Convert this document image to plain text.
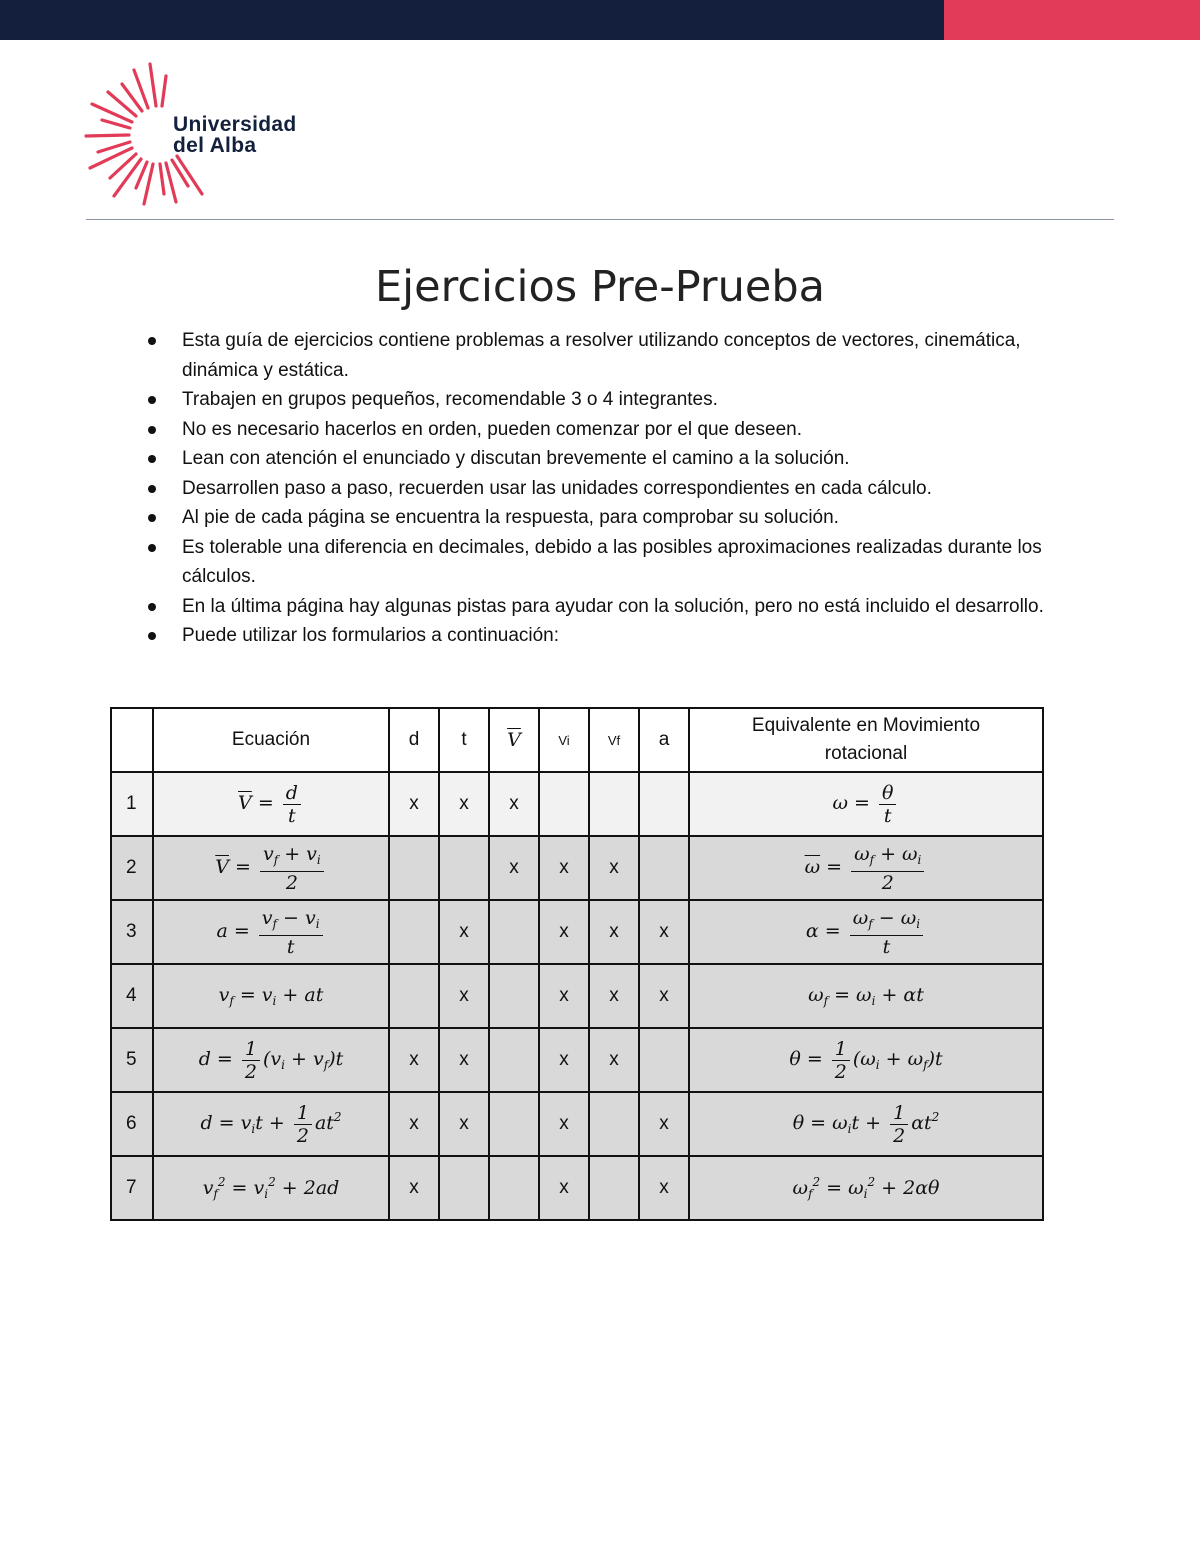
Universidad
del Alba
Ejercicios Pre-Prueba
Esta guía de ejercicios contiene problemas a resolver utilizando conceptos de vectores, cinemática, dinámica y estática.
Trabajen en grupos pequeños, recomendable 3 o 4 integrantes.
No es necesario hacerlos en orden, pueden comenzar por el que deseen.
Lean con atención el enunciado y discutan brevemente el camino a la solución.
Desarrollen paso a paso, recuerden usar las unidades correspondientes en cada cálculo.
Al pie de cada página se encuentra la respuesta, para comprobar su solución.
Es tolerable una diferencia en decimales, debido a las posibles aproximaciones realizadas durante los cálculos.
En la última página hay algunas pistas para ayudar con la solución, pero no está incluido el desarrollo.
Puede utilizar los formularios a continuación:
	Ecuación	d	t	$\overline{V}$	Vi	Vf	a	Equivalente en Movimiento rotacional
1	$\overline{V} = \frac{d}{t}$	x	x	x				$\omega = \frac{\theta}{t}$

2	$\overline{V} = \frac{v_f + v_i}{2}$			x	x	x		$\overline{\omega} = \frac{\omega_f + \omega_i}{2}$

3	$a = \frac{v_f - v_i}{t}$		x		x	x	x	$\alpha = \frac{\omega_f - \omega_i}{t}$

4	$v_f = v_i$ + at		x		x	x	x	$\omega_f = \omega_i + \alpha t$
5	$d = \frac{1}{2} (v_i + v_f)t$	x	x		x	x		$\theta = \frac{1}{2} (\omega_i + \omega_f)t$
6	$d = v_it + \frac{1}{2} at^2$	x	x		x		x	$\theta = \omega_it + \frac{1}{2} \alpha t^2$
7	$v_f^2 = v_i^2 + 2ad$	x			x		x	$\omega_f^2 = \omega_i^2 + 2\alpha\theta$
